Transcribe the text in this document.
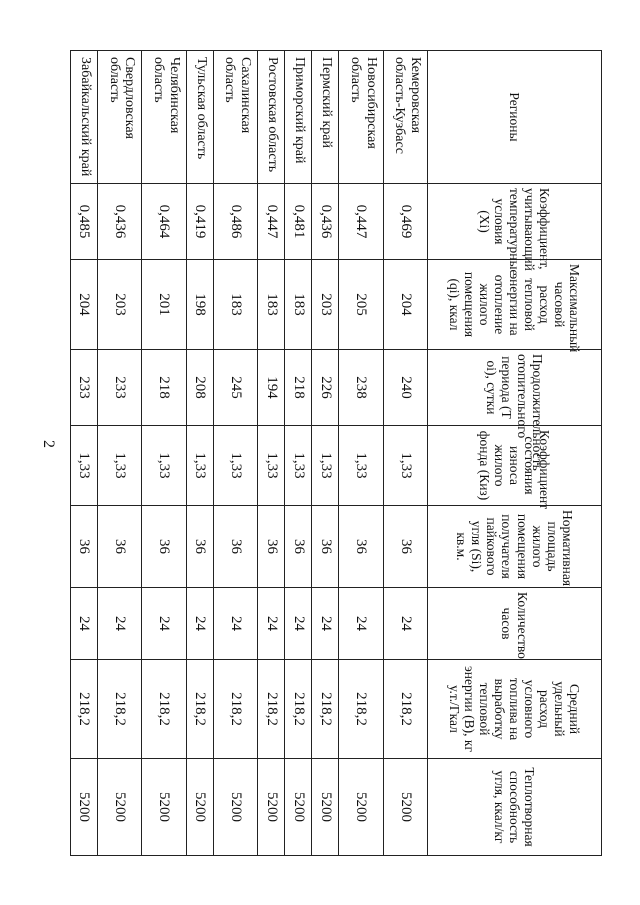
2
Регионы	Коэффициент, учитывающий температурные условия (Хi)	Максимальный часовой расход тепловой энергии на отопление жилого помещения (qi), ккал	Продолжительность отопительного периода (Т oi), сутки	Коэффициент состояния износа жилого фонда (Киз)	Нормативная площадь жилого помещения получателя пайкового угля (Si), кв.м.	Количество часов	Средний удельный расход условного топлива на выработку тепловой энергии (В), кг у.т./Гкал	Теплотворная способность угля, ккал/кг
Кемеровская область-Кузбасс	0,469	204	240	1,33	36	24	218,2	5200
Новосибирская область	0,447	205	238	1,33	36	24	218,2	5200
Пермский край	0,436	203	226	1,33	36	24	218,2	5200
Приморский край	0,481	183	218	1,33	36	24	218,2	5200
Ростовская область	0,447	183	194	1,33	36	24	218,2	5200
Сахалинская область	0,486	183	245	1,33	36	24	218,2	5200
Тульская область	0,419	198	208	1,33	36	24	218,2	5200
Челябинская область	0,464	201	218	1,33	36	24	218,2	5200
Свердловская область	0,436	203	233	1,33	36	24	218,2	5200
Забайкальский край	0,485	204	233	1,33	36	24	218,2	5200
